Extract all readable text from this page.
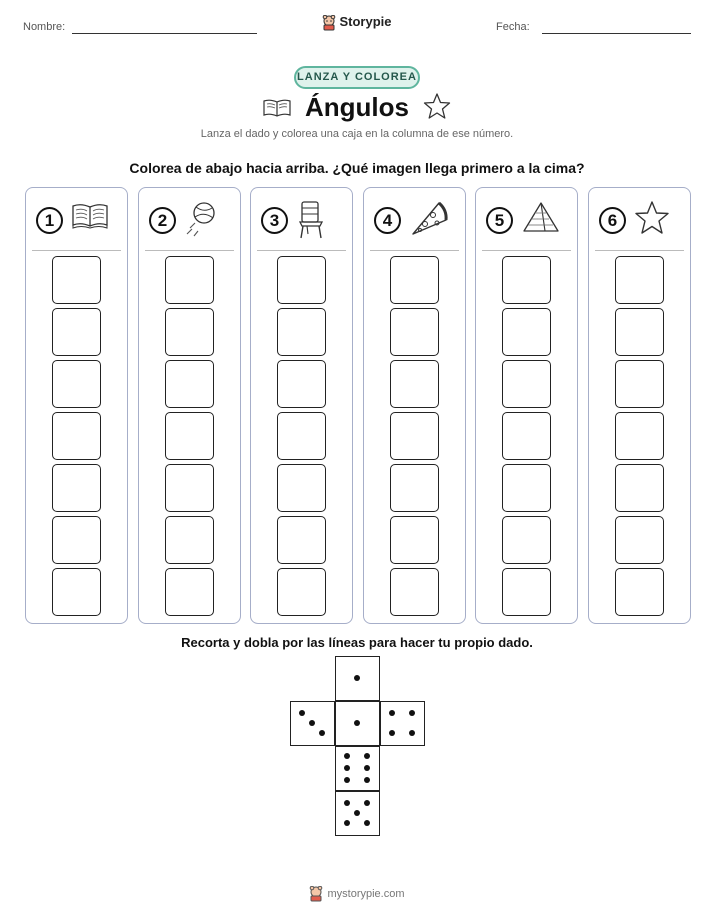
Nombre:	Storypie	Fecha:
LANZA Y COLOREA
Ángulos
Lanza el dado y colorea una caja en la columna de ese número.
Colorea de abajo hacia arriba. ¿Qué imagen llega primero a la cima?
1	2	3	4	5	6
Recorta y dobla por las líneas para hacer tu propio dado.
mystorypie.com
